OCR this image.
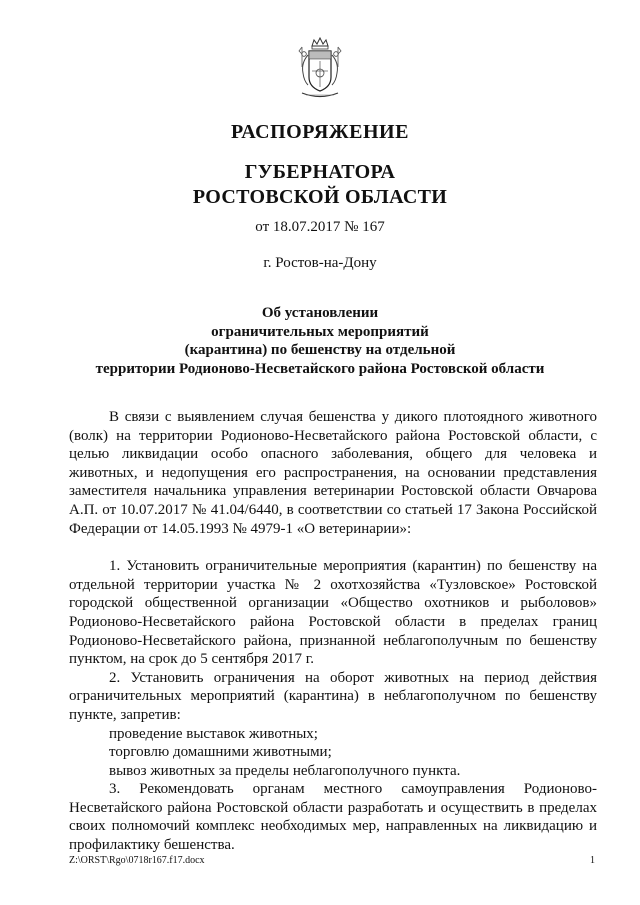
РАСПОРЯЖЕНИЕ
ГУБЕРНАТОРА
РОСТОВСКОЙ ОБЛАСТИ
от 18.07.2017 № 167
г. Ростов-на-Дону
Об установлении
ограничительных мероприятий
(карантина) по бешенству на отдельной
территории Родионово-Несветайского района Ростовской области

В связи с выявлением случая бешенства у дикого плотоядного животного (волк) на территории Родионово-Несветайского района Ростовской области, с целью ликвидации особо опасного заболевания, общего для человека и животных, и недопущения его распространения, на основании представления заместителя начальника управления ветеринарии Ростовской области Овчарова А.П. от 10.07.2017 № 41.04/6440, в соответствии со статьей 17 Закона Российской Федерации от 14.05.1993 № 4979-1 «О ветеринарии»:

1. Установить ограничительные мероприятия (карантин) по бешенству на отдельной территории участка № 2 охотхозяйства «Тузловское» Ростовской городской общественной организации «Общество охотников и рыболовов» Родионово-Несветайского района Ростовской области в пределах границ Родионово-Несветайского района, признанной неблагополучным по бешенству пунктом, на срок до 5 сентября 2017 г.

2. Установить ограничения на оборот животных на период действия ограничительных мероприятий (карантина) в неблагополучном по бешенству пункте, запретив:

проведение выставок животных;

торговлю домашними животными;

вывоз животных за пределы неблагополучного пункта.

3. Рекомендовать органам местного самоуправления Родионово-Несветайского района Ростовской области разработать и осуществить в пределах своих полномочий комплекс необходимых мер, направленных на ликвидацию и профилактику бешенства.

Z:\ORST\Rgo\0718r167.f17.docx	1
